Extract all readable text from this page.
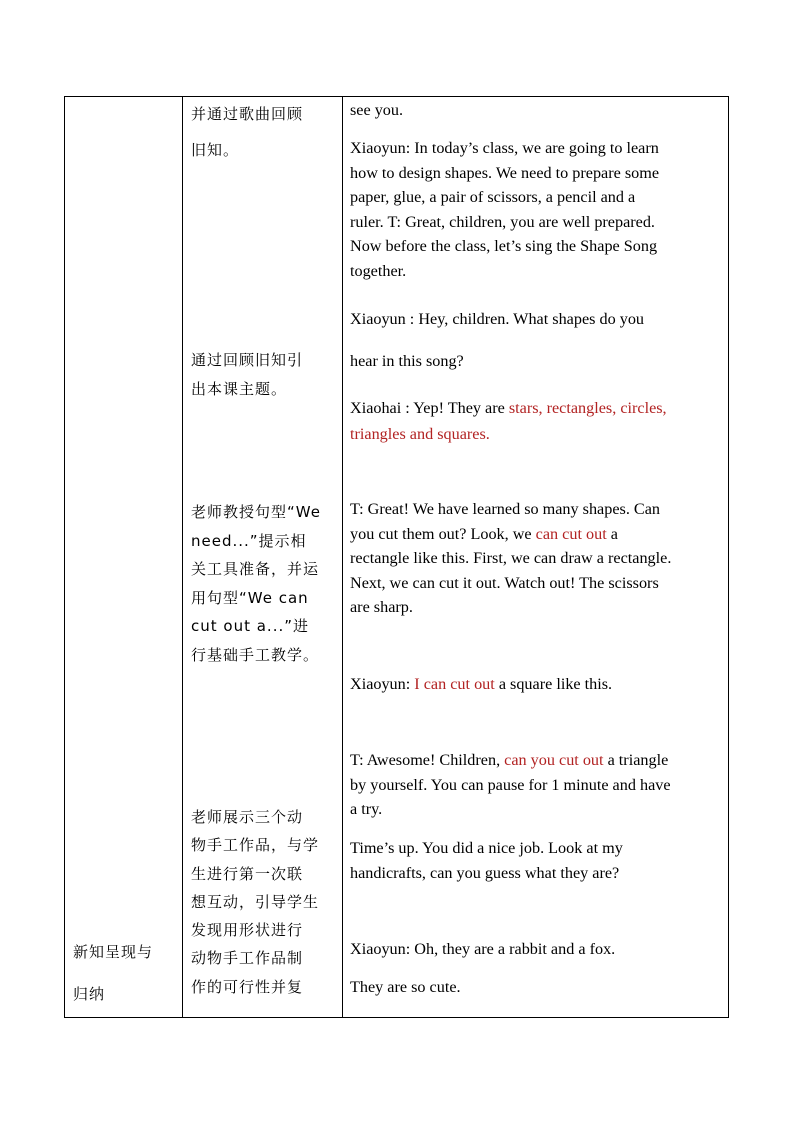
新知呈现与
归纳
并通过歌曲回顾
旧知。
通过回顾旧知引
出本课主题。
老师教授句型“We
need...”提示相
关工具准备，并运
用句型“We can
cut out a...”进
行基础手工教学。
老师展示三个动
物手工作品，与学
生进行第一次联
想互动，引导学生
发现用形状进行
动物手工作品制
作的可行性并复
see you.
Xiaoyun: In today’s class, we are going to learn
how to design shapes. We need to prepare some
paper, glue, a pair of scissors, a pencil and a
ruler. T: Great, children, you are well prepared.
Now before the class, let’s sing the Shape Song
together.
Xiaoyun : Hey, children. What shapes do you
hear in this song?
Xiaohai : Yep! They are stars, rectangles, circles,
triangles and squares.
T: Great! We have learned so many shapes. Can
you cut them out? Look, we can cut out a
rectangle like this. First, we can draw a rectangle.
Next, we can cut it out. Watch out! The scissors
are sharp.
Xiaoyun: I can cut out a square like this.
T: Awesome! Children, can you cut out a triangle
by yourself. You can pause for 1 minute and have
a try.
Time’s up. You did a nice job. Look at my
handicrafts, can you guess what they are?
Xiaoyun: Oh, they are a rabbit and a fox.
They are so cute.
